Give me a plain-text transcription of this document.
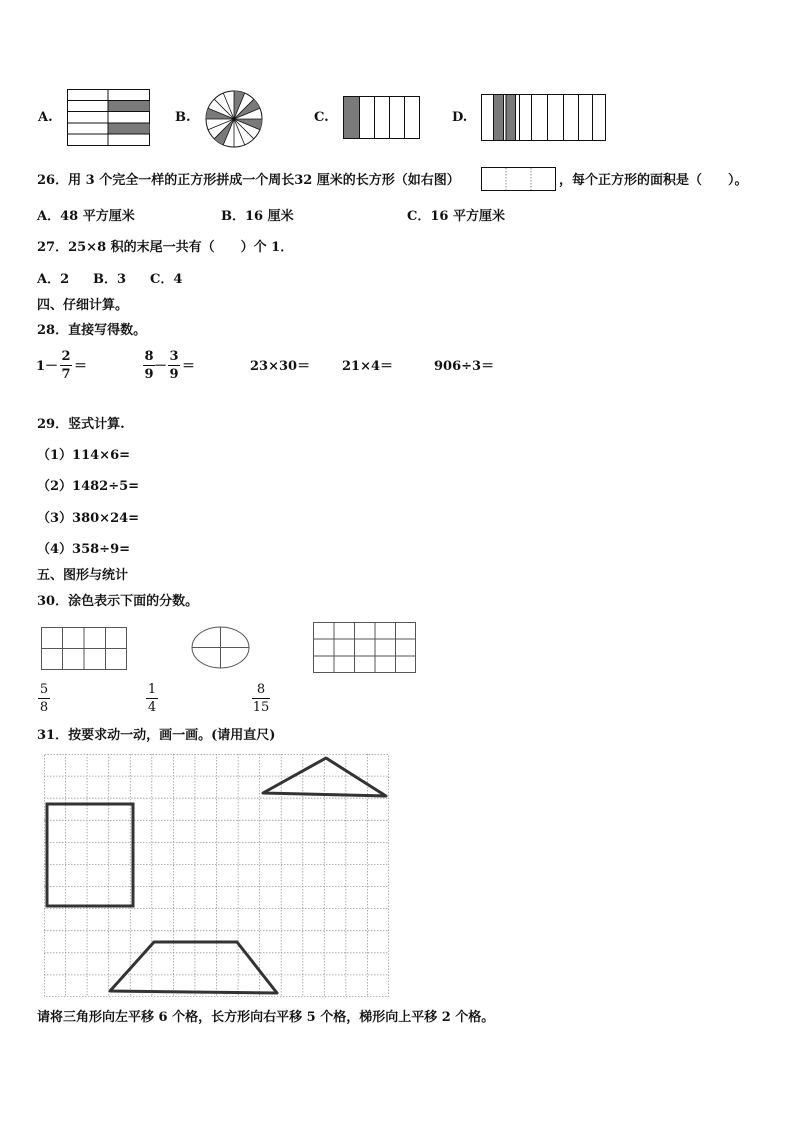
A.	B.	C.	D.
26．用 3 个完全一样的正方形拼成一个周长32 厘米的长方形（如右图）	，每个正方形的面积是（　　）。
A．48 平方厘米	B．16 厘米	C．16 平方厘米
27．25×8 积的末尾一共有（　　）个 1．
A．2 B．3 C．4
四、仔细计算。
28．直接写得数。
1－
2
7
＝
8
9
－
3
9
＝	23×30＝ 21×4＝	906÷3＝
29．竖式计算.
（1）114×6=
（2）1482÷5=
（3）380×24=
（4）358÷9=
五、图形与统计
30．涂色表示下面的分数。
5
8
1
4
8
15
31．按要求动一动，画一画。(请用直尺)
请将三角形向左平移 6 个格，长方形向右平移 5 个格，梯形向上平移 2 个格。
